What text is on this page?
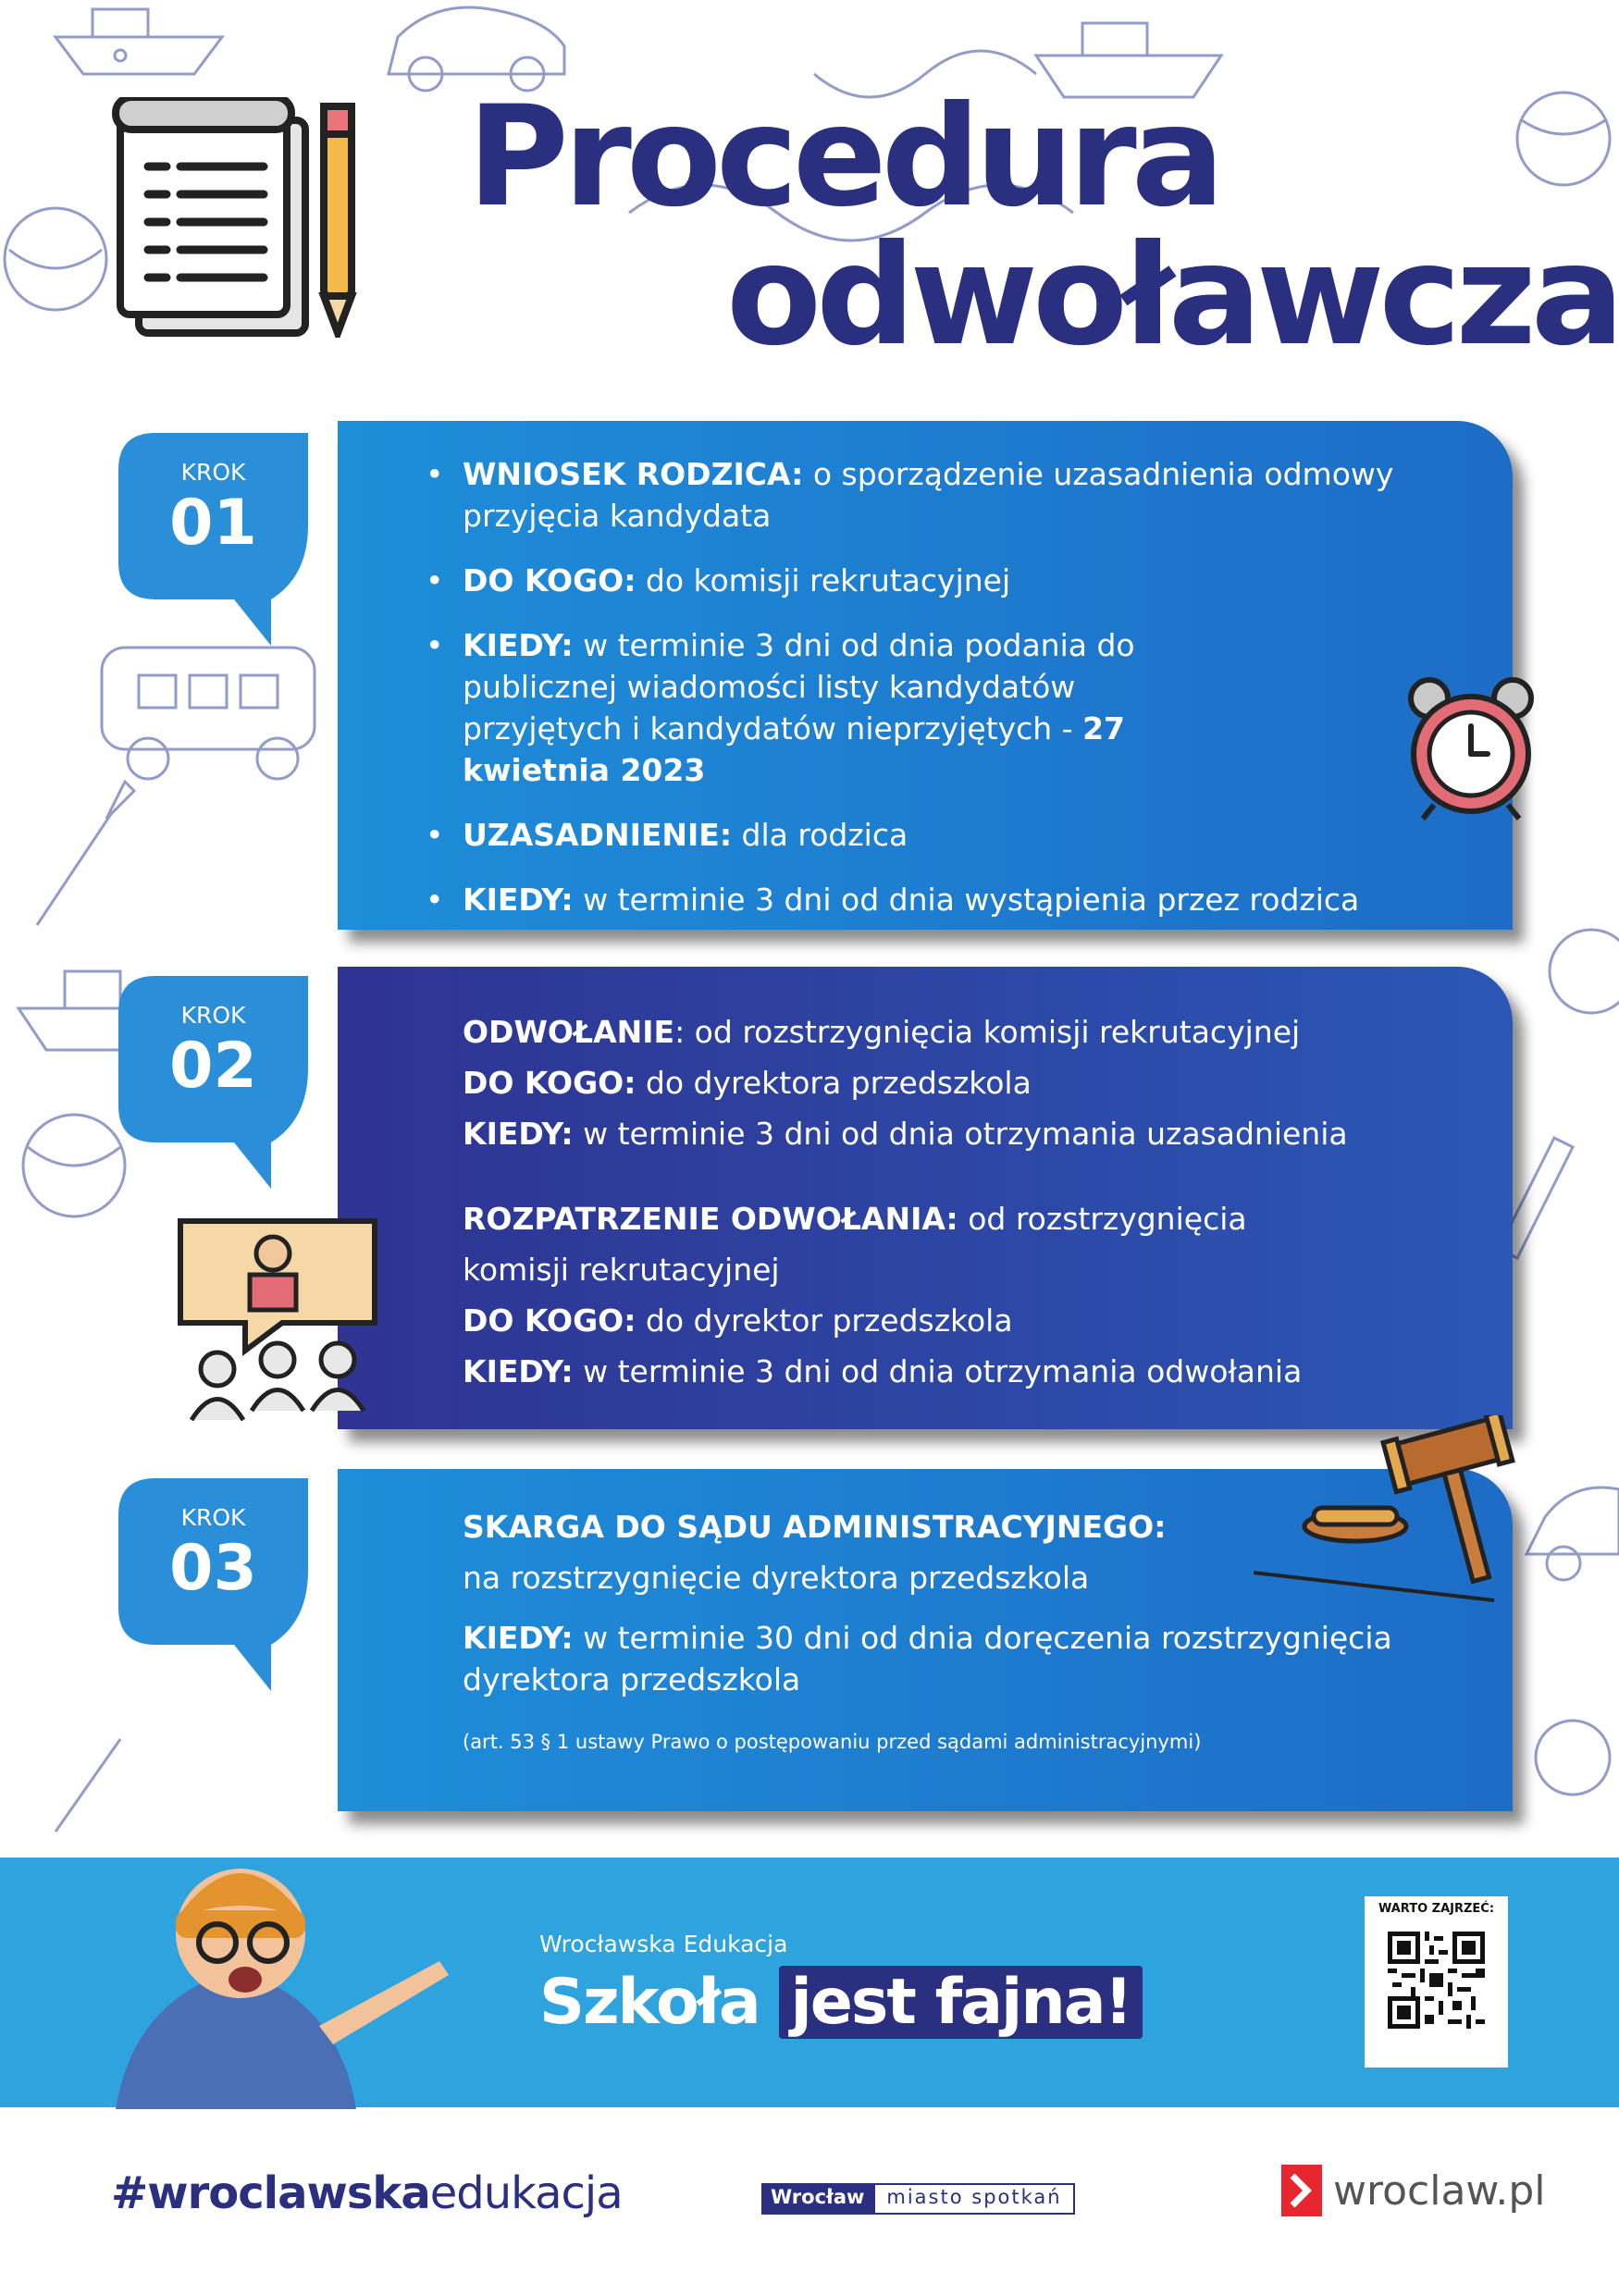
Procedura
odwoławcza
KROK
01
KROK
02
KROK
03
• WNIOSEK RODZICA: o sporządzenie uzasadnienia odmowy przyjęcia kandydata
• DO KOGO: do komisji rekrutacyjnej
• KIEDY: w terminie 3 dni od dnia podania do publicznej wiadomości listy kandydatów przyjętych i kandydatów nieprzyjętych - 27 kwietnia 2023
• UZASADNIENIE: dla rodzica
• KIEDY: w terminie 3 dni od dnia wystąpienia przez rodzica
ODWOŁANIE: od rozstrzygnięcia komisji rekrutacyjnej
DO KOGO: do dyrektora przedszkola
KIEDY: w terminie 3 dni od dnia otrzymania uzasadnienia
ROZPATRZENIE ODWOŁANIA: od rozstrzygnięcia
komisji rekrutacyjnej
DO KOGO: do dyrektor przedszkola
KIEDY: w terminie 3 dni od dnia otrzymania odwołania
SKARGA DO SĄDU ADMINISTRACYJNEGO:
na rozstrzygnięcie dyrektora przedszkola
KIEDY: w terminie 30 dni od dnia doręczenia rozstrzygnięcia dyrektora przedszkola
(art. 53 § 1 ustawy Prawo o postępowaniu przed sądami administracyjnymi)
Wrocławska Edukacja
Szkoła jest fajna!
WARTO ZAJRZEĆ:
#wroclawskaedukacja	Wrocław	miasto spotkań	wroclaw.pl
